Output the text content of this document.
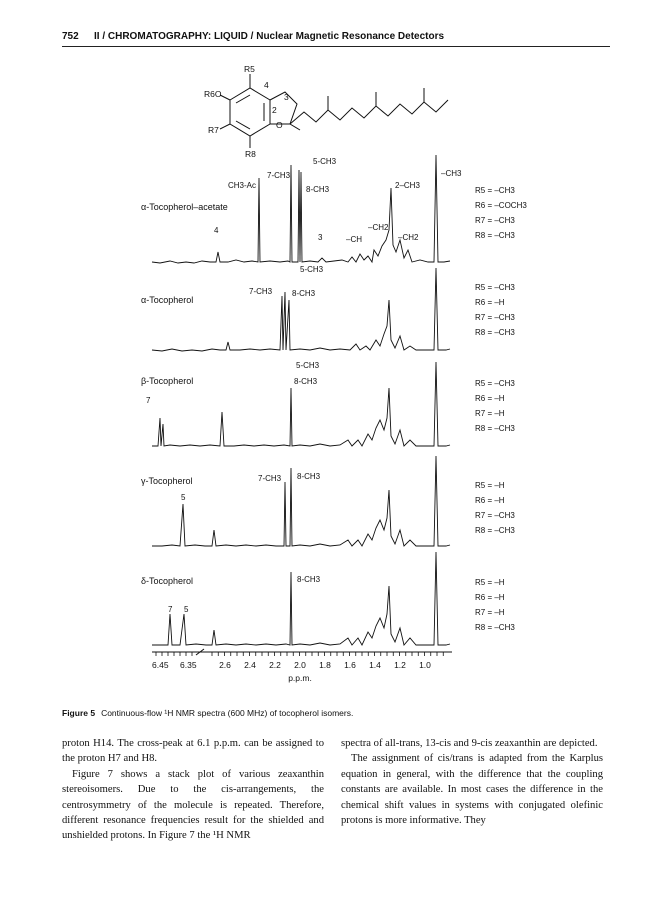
752 II / CHROMATOGRAPHY: LIQUID / Nuclear Magnetic Resonance Detectors
R5
R6O
R7
R8
O
4
3
2
α-Tocopherol–acetate
CH3-Ac
7-CH3
5-CH3
8-CH3	2–CH3
–CH3
4
3	–CH
–CH2
–CH2
R5 = –CH3
R6 = –COCH3
R7 = –CH3
R8 = –CH3
α-Tocopherol
5-CH3
7-CH3 8-CH3
R5 = –CH3
R6 = –H
R7 = –CH3
R8 = –CH3
β-Tocopherol
5-CH3
8-CH3
7
R5 = –CH3
R6 = –H
R7 = –H
R8 = –CH3
γ-Tocopherol	7-CH3 8-CH3
5
R5 = –H
R6 = –H
R7 = –CH3
R8 = –CH3
δ-Tocopherol	8-CH3
7 5
R5 = –H
R6 = –H
R7 = –H
R8 = –CH3
6.45 6.35	2.6 2.4 2.2 2.0 1.8 1.6 1.4 1.2 1.0
p.p.m.
Figure 5 Continuous-flow ¹H NMR spectra (600 MHz) of tocopherol isomers.

proton H14. The cross-peak at 6.1 p.p.m. can be assigned to the proton H7 and H8.

Figure 7 shows a stack plot of various zeaxanthin stereoisomers. Due to the cis-arrangements, the centrosymmetry of the molecule is repeated. Therefore, different resonance frequencies result for the shielded and unshielded protons. In Figure 7 the ¹H NMR

spectra of all-trans, 13-cis and 9-cis zeaxanthin are depicted.

The assignment of cis/trans is adapted from the Karplus equation in general, with the difference that the coupling constants are available. In most cases the difference in the chemical shift values in systems with conjugated olefinic protons is more informative. They
